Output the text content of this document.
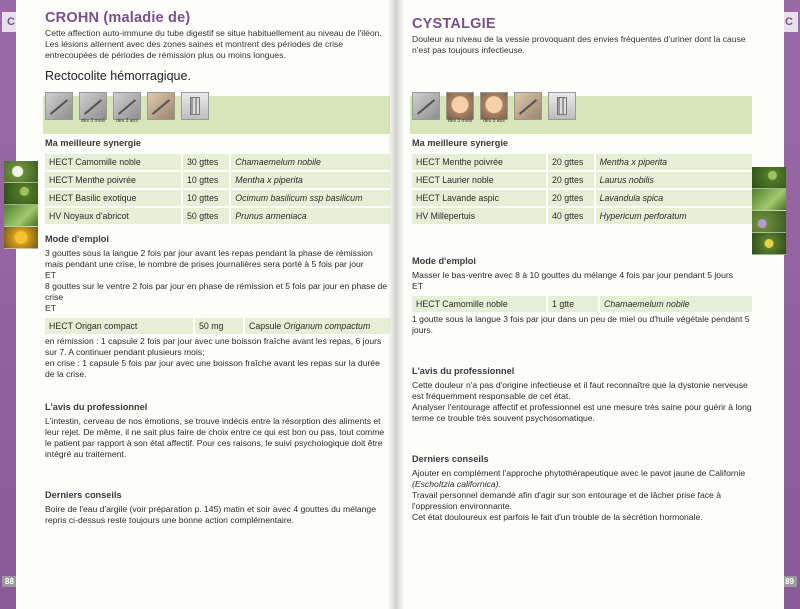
C	C
88	89
CROHN (maladie de)

Cette affection auto-immune du tube digestif se situe habituellement au niveau de l'iléon. Les lésions alternent avec des zones saines et montrent des périodes de crise entrecoupées de périodes de rémission plus ou moins longues.

Rectocolite hémorragique.

dès 3 mois	dès 3 ans
Ma meilleure synergie
HECT Camomille noble	30 gttes	Chamaemelum nobile
HECT Menthe poivrée	10 gttes	Mentha x piperita
HECT Basilic exotique	10 gttes	Ocimum basilicum ssp basilicum
HV Noyaux d'abricot	50 gttes	Prunus armeniaca
Mode d'emploi

3 gouttes sous la langue 2 fois par jour avant les repas pendant la phase de rémission mais pendant une crise, le nombre de prises journalières sera porté à 5 fois par jour

ET

8 gouttes sur le ventre 2 fois par jour en phase de rémission et 5 fois par jour en phase de crise

ET

HECT Origan compact	50 mg	Capsule
Origanum compactum

en rémission : 1 capsule 2 fois par jour avec une boisson fraîche avant les repas, 6 jours sur 7. A continuer pendant plusieurs mois;

en crise : 1 capsule 5 fois par jour avec une boisson fraîche avant les repas sur la durée de la crise.

L'avis du professionnel

L'intestin, cerveau de nos émotions, se trouve indécis entre la résorption des aliments et leur rejet. De même, il ne sait plus faire de choix entre ce qui est bon ou pas, tout comme le patient par rapport à son état affectif. Pour ces raisons, le suivi psychologique doit être intégré au traitement.

Derniers conseils

Boire de l'eau d'argile (voir préparation p. 145) matin et soir avec 4 gouttes du mélange repris ci-dessus reste toujours une bonne action complémentaire.

CYSTALGIE

Douleur au niveau de la vessie provoquant des envies fréquentes d'uriner dont la cause n'est pas toujours infectieuse.

dès 3 mois	dès 3 ans
Ma meilleure synergie
HECT Menthe poivrée	20 gttes	Mentha x piperita
HECT Laurier noble	20 gttes	Laurus nobilis
HECT Lavande aspic	20 gttes	Lavandula spica
HV Millepertuis	40 gttes	Hypericum perforatum
Mode d'emploi

Masser le bas-ventre avec 8 à 10 gouttes du mélange 4 fois par jour pendant 5 jours

ET

HECT Camomille noble	1 gtte	Chamaemelum nobile

1 goutte sous la langue 3 fois par jour dans un peu de miel ou d'huile végétale pendant 5 jours.

L'avis du professionnel

Cette douleur n'a pas d'origine infectieuse et il faut reconnaître que la dystonie nerveuse est fréquemment responsable de cet état.

Analyser l'entourage affectif et professionnel est une mesure très saine pour guérir à long terme ce trouble très souvent psychosomatique.

Derniers conseils

Ajouter en complément l'approche phytothérapeutique avec le pavot jaune de Californie (EschoItzia californica).

Travail personnel demandé afin d'agir sur son entourage et de lâcher prise face à l'oppression environnante.

Cet état douloureux est parfois le fait d'un trouble de la sécrétion hormonale.
